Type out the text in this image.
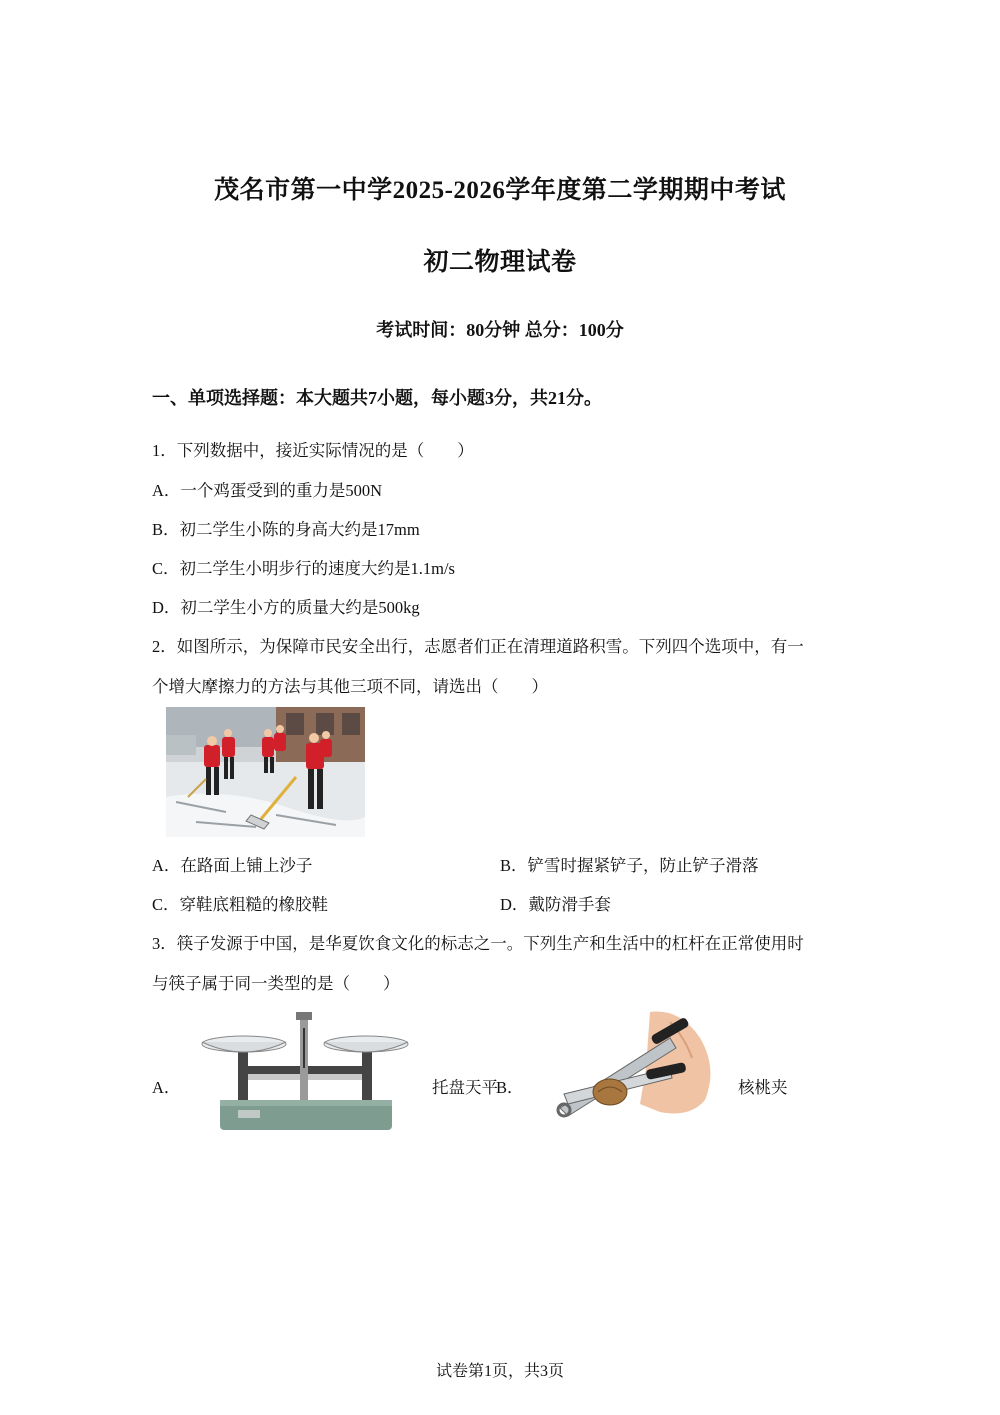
茂名市第一中学2025-2026学年度第二学期期中考试
初二物理试卷
考试时间：80分钟 总分：100分
一、单项选择题：本大题共7小题，每小题3分，共21分。
1．下列数据中，接近实际情况的是（　　）
A．一个鸡蛋受到的重力是500N
B．初二学生小陈的身高大约是17mm
C．初二学生小明步行的速度大约是1.1m/s
D．初二学生小方的质量大约是500kg
2．如图所示，为保障市民安全出行，志愿者们正在清理道路积雪。下列四个选项中，有一
个增大摩擦力的方法与其他三项不同，请选出（　　）
A．在路面上铺上沙子	B．铲雪时握紧铲子，防止铲子滑落
C．穿鞋底粗糙的橡胶鞋	D．戴防滑手套
3．筷子发源于中国，是华夏饮食文化的标志之一。下列生产和生活中的杠杆在正常使用时
与筷子属于同一类型的是（　　）
A．	托盘天平
B．	核桃夹
试卷第1页，共3页
